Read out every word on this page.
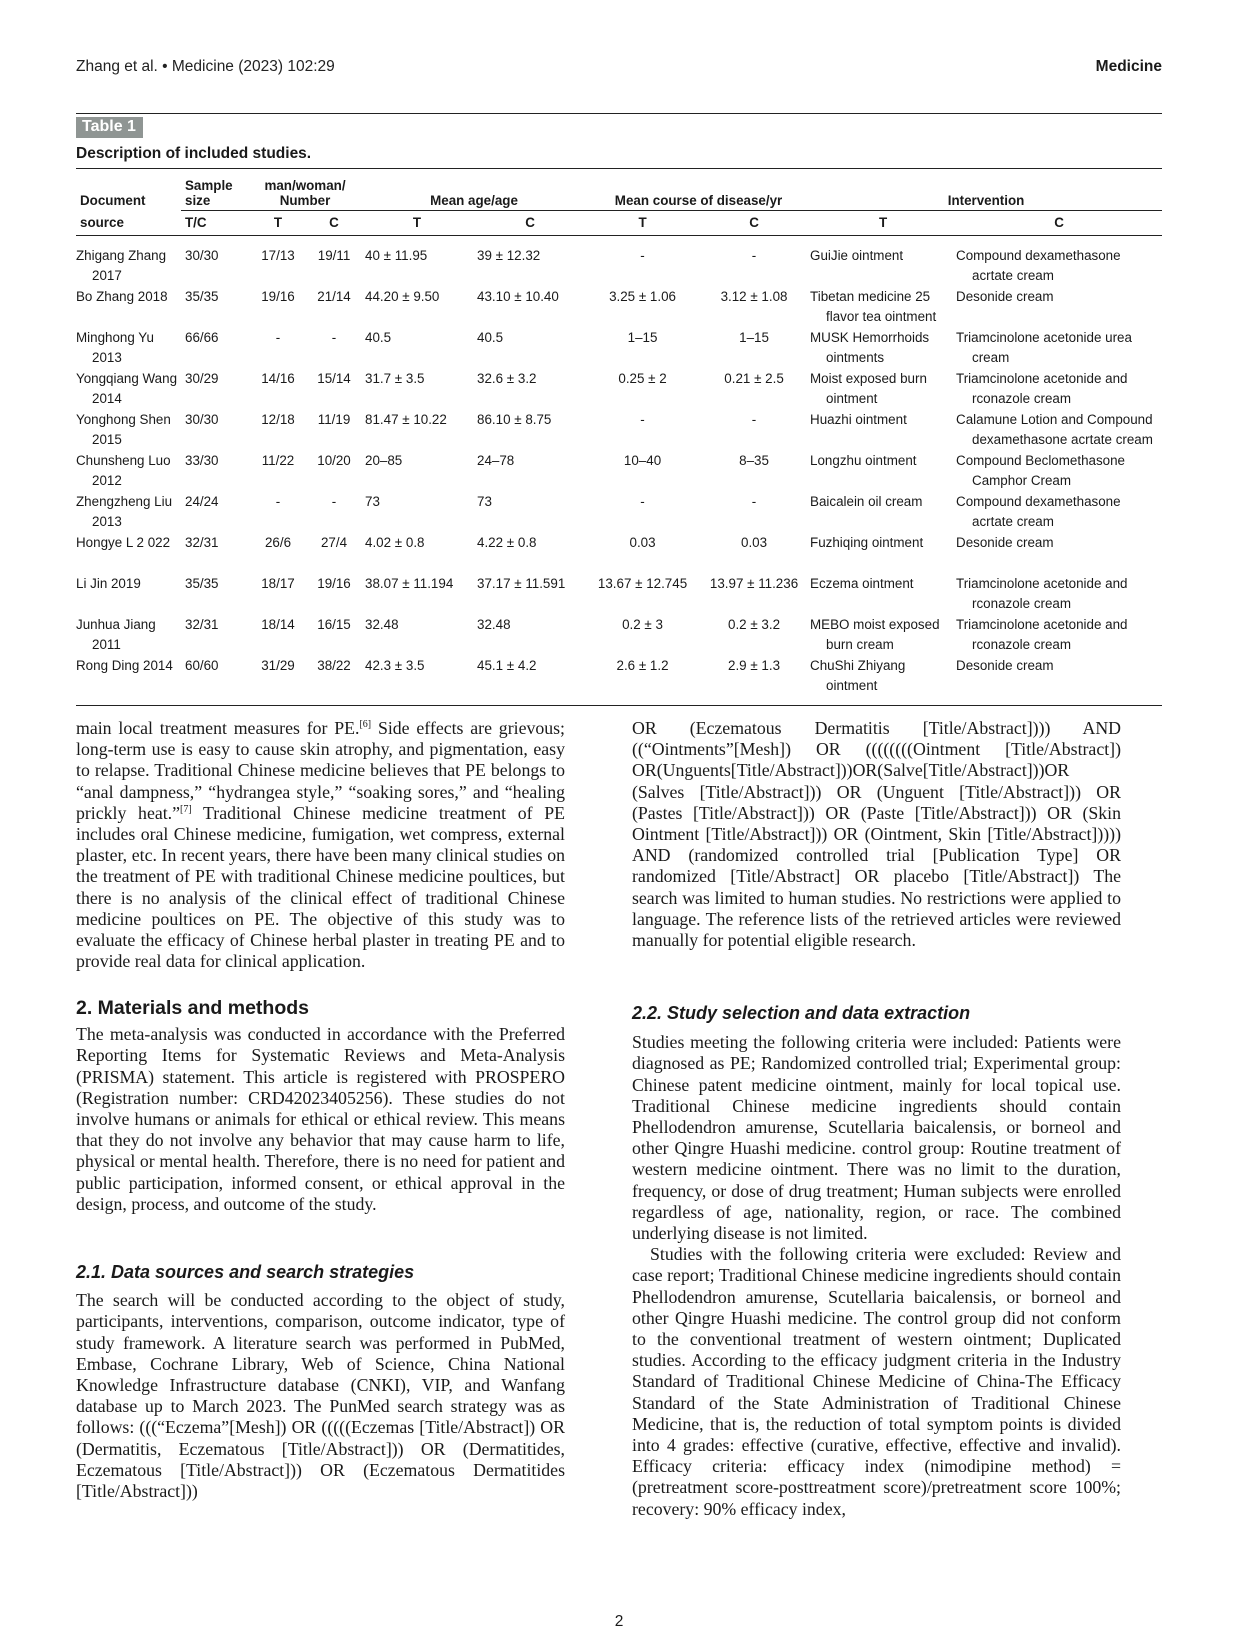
Zhang et al. • Medicine (2023) 102:29	Medicine
Table 1
Description of included studies.
Document	Sample
size	man/woman/
Number		Mean age/age		Mean course of disease/yr		Intervention	
source	T/C	T	C	T	C	T	C	T	C
Zhigang Zhang 2017	30/30	17/13	19/11	40 ± 11.95	39 ± 12.32	-	-	GuiJie ointment	Compound dexamethasone acrtate cream
Bo Zhang 2018	35/35	19/16	21/14	44.20 ± 9.50	43.10 ± 10.40	3.25 ± 1.06	3.12 ± 1.08	Tibetan medicine 25 flavor tea ointment	Desonide cream
Minghong Yu 2013	66/66	-	-	40.5	40.5	1–15	1–15	MUSK Hemorrhoids ointments	Triamcinolone acetonide urea cream
Yongqiang Wang 2014	30/29	14/16	15/14	31.7 ± 3.5	32.6 ± 3.2	0.25 ± 2	0.21 ± 2.5	Moist exposed burn ointment	Triamcinolone acetonide and rconazole cream
Yonghong Shen 2015	30/30	12/18	11/19	81.47 ± 10.22	86.10 ± 8.75	-	-	Huazhi ointment	Calamune Lotion and Compound dexamethasone acrtate cream
Chunsheng Luo 2012	33/30	11/22	10/20	20–85	24–78	10–40	8–35	Longzhu ointment	Compound Beclomethasone Camphor Cream
Zhengzheng Liu 2013	24/24	-	-	73	73	-	-	Baicalein oil cream	Compound dexamethasone acrtate cream
Hongye L 2 022	32/31	26/6	27/4	4.02 ± 0.8	4.22 ± 0.8	0.03	0.03	Fuzhiqing ointment	Desonide cream
Li Jin 2019	35/35	18/17	19/16	38.07 ± 11.194	37.17 ± 11.591	13.67 ± 12.745	13.97 ± 11.236	Eczema ointment	Triamcinolone acetonide and rconazole cream
Junhua Jiang 2011	32/31	18/14	16/15	32.48	32.48	0.2 ± 3	0.2 ± 3.2	MEBO moist exposed burn cream	Triamcinolone acetonide and rconazole cream
Rong Ding 2014	60/60	31/29	38/22	42.3 ± 3.5	45.1 ± 4.2	2.6 ± 1.2	2.9 ± 1.3	ChuShi Zhiyang ointment	Desonide cream

main local treatment measures for PE.[6] Side effects are grievous; long-term use is easy to cause skin atrophy, and pigmentation, easy to relapse. Traditional Chinese medicine believes that PE belongs to “anal dampness,” “hydrangea style,” “soaking sores,” and “healing prickly heat.”[7] Traditional Chinese medicine treatment of PE includes oral Chinese medicine, fumigation, wet compress, external plaster, etc. In recent years, there have been many clinical studies on the treatment of PE with traditional Chinese medicine poultices, but there is no analysis of the clinical effect of traditional Chinese medicine poultices on PE. The objective of this study was to evaluate the efficacy of Chinese herbal plaster in treating PE and to provide real data for clinical application.

2. Materials and methods

The meta-analysis was conducted in accordance with the Preferred Reporting Items for Systematic Reviews and Meta-Analysis (PRISMA) statement. This article is registered with PROSPERO (Registration number: CRD42023405256). These studies do not involve humans or animals for ethical or ethical review. This means that they do not involve any behavior that may cause harm to life, physical or mental health. Therefore, there is no need for patient and public participation, informed consent, or ethical approval in the design, process, and outcome of the study.

2.1. Data sources and search strategies

The search will be conducted according to the object of study, participants, interventions, comparison, outcome indicator, type of study framework. A literature search was performed in PubMed, Embase, Cochrane Library, Web of Science, China National Knowledge Infrastructure database (CNKI), VIP, and Wanfang database up to March 2023. The PunMed search strategy was as follows: (((“Eczema”[Mesh]) OR (((((Eczemas [Title/Abstract]) OR (Dermatitis, Eczematous [Title/Abstract])) OR (Dermatitides, Eczematous [Title/Abstract])) OR (Eczematous Dermatitides [Title/Abstract]))

OR (Eczematous Dermatitis [Title/Abstract]))) AND ((“Ointments”[Mesh]) OR ((((((((Ointment [Title/Abstract]) OR(Unguents[Title/Abstract]))OR(Salve[Title/Abstract]))OR (Salves [Title/Abstract])) OR (Unguent [Title/Abstract])) OR (Pastes [Title/Abstract])) OR (Paste [Title/Abstract])) OR (Skin Ointment [Title/Abstract])) OR (Ointment, Skin [Title/Abstract])))) AND (randomized controlled trial [Publication Type] OR randomized [Title/Abstract] OR placebo [Title/Abstract]) The search was limited to human studies. No restrictions were applied to language. The reference lists of the retrieved articles were reviewed manually for potential eligible research.

2.2. Study selection and data extraction

Studies meeting the following criteria were included: Patients were diagnosed as PE; Randomized controlled trial; Experimental group: Chinese patent medicine ointment, mainly for local topical use. Traditional Chinese medicine ingredients should contain Phellodendron amurense, Scutellaria baicalensis, or borneol and other Qingre Huashi medicine. control group: Routine treatment of western medicine ointment. There was no limit to the duration, frequency, or dose of drug treatment; Human subjects were enrolled regardless of age, nationality, region, or race. The combined underlying disease is not limited.

Studies with the following criteria were excluded: Review and case report; Traditional Chinese medicine ingredients should contain Phellodendron amurense, Scutellaria baicalensis, or borneol and other Qingre Huashi medicine. The control group did not conform to the conventional treatment of western ointment; Duplicated studies. According to the efficacy judgment criteria in the Industry Standard of Traditional Chinese Medicine of China-The Efficacy Standard of the State Administration of Traditional Chinese Medicine, that is, the reduction of total symptom points is divided into 4 grades: effective (curative, effective, effective and invalid). Efficacy criteria: efficacy index (nimodipine method) = (pretreatment score-posttreatment score)/pretreatment score 100%; recovery: 90% efficacy index,

2
